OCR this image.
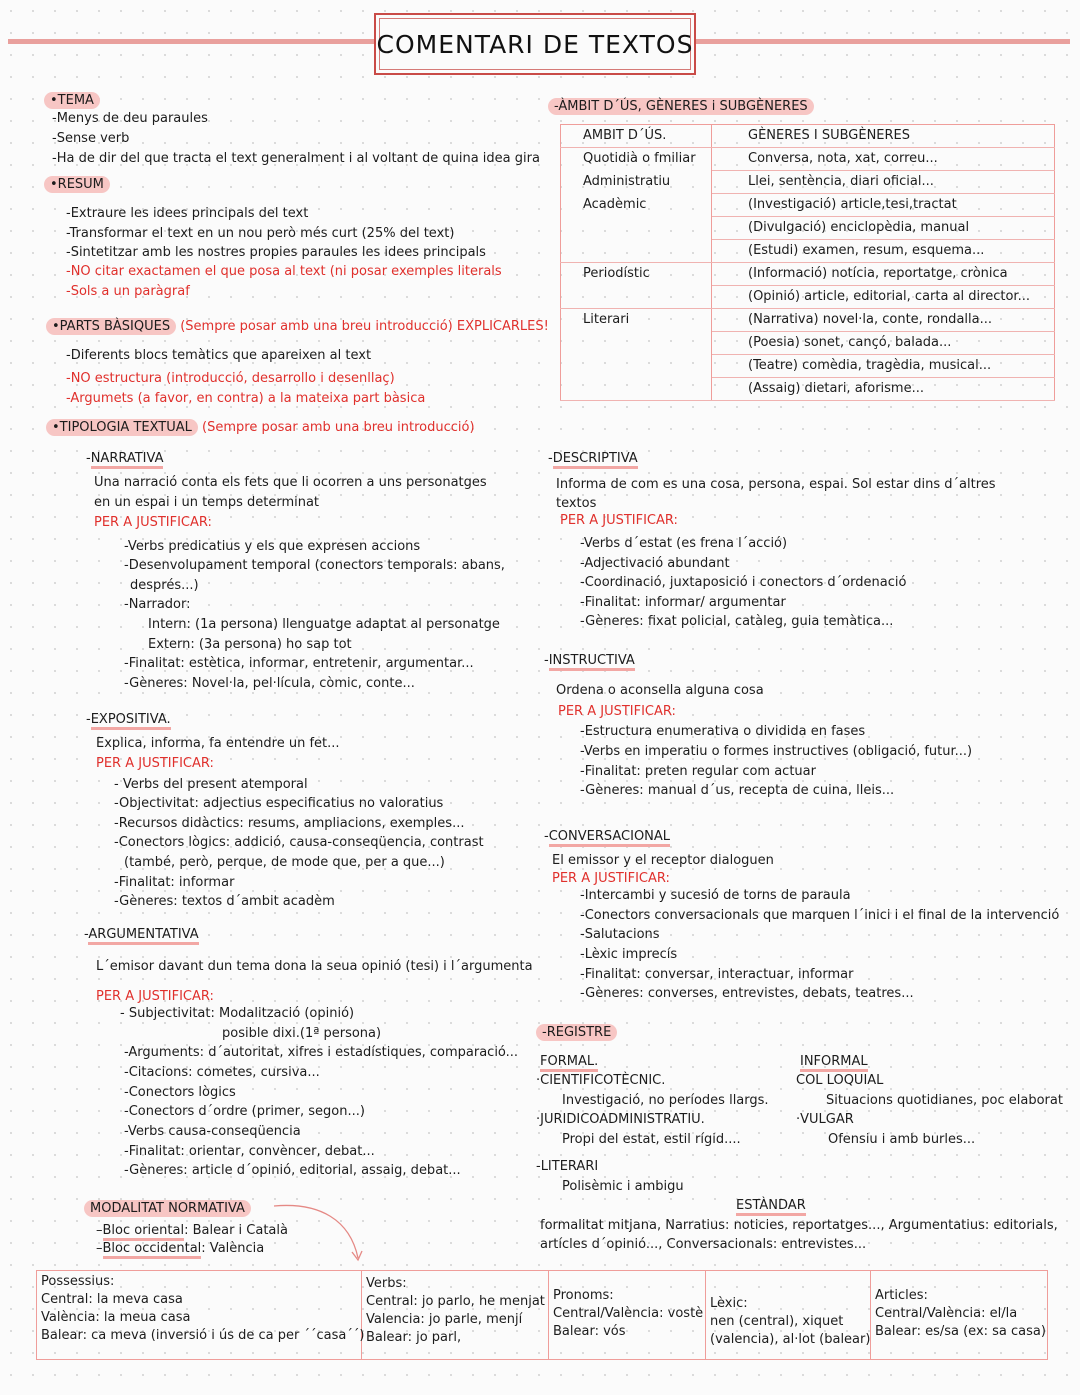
COMENTARI DE TEXTOS
•TEMA
-Menys de deu paraules
-Sense verb
-Ha de dir del que tracta el text generalment i al voltant de quina idea gira
•RESUM
-Extraure les idees principals del text
-Transformar el text en un nou però més curt (25% del text)
-Sintetitzar amb les nostres propies paraules les idees principals
-NO citar exactamen el que posa al text (ni posar exemples literals
-Sols a un paràgraf
•PARTS BÀSIQUES (Sempre posar amb una breu introducció) EXPLICARLES!
-Diferents blocs temàtics que apareixen al text
-NO estructura (introducció, desarrollo i desenllaç)
-Argumets (a favor, en contra) a la mateixa part bàsica
•TIPOLOGIA TEXTUAL (Sempre posar amb una breu introducció)
-NARRATIVA
Una narració conta els fets que li ocorren a uns personatges
en un espai i un temps determinat
PER A JUSTIFICAR:
-Verbs predicatius y els que expresen accions
-Desenvolupament temporal (conectors temporals: abans,
després...)
-Narrador:
Intern: (1a persona) llenguatge adaptat al personatge
Extern: (3a persona) ho sap tot
-Finalitat: estètica, informar, entretenir, argumentar...
-Gèneres: Novel·la, pel·lícula, còmic, conte...
-EXPOSITIVA.
Explica, informa, fa entendre un fet...
PER A JUSTIFICAR:
- Verbs del present atemporal
-Objectivitat: adjectius especificatius no valoratius
-Recursos didàctics: resums, ampliacions, exemples...
-Conectors lògics: addició, causa-conseqüencia, contrast
(també, però, perque, de mode que, per a que...)
-Finalitat: informar
-Gèneres: textos d´ambit acadèm
-ARGUMENTATIVA
L´emisor davant dun tema dona la seua opinió (tesi) i l´argumenta
PER A JUSTIFICAR:
- Subjectivitat: Modalització (opinió)
posible dixi.(1ª persona)
-Arguments: d´autoritat, xifres i estadístiques, comparació...
-Citacions: cometes, cursiva...
-Conectors lògics
-Conectors d´ordre (primer, segon...)
-Verbs causa-conseqüencia
-Finalitat: orientar, convèncer, debat...
-Gèneres: article d´opinió, editorial, assaig, debat...
MODALITAT NORMATIVA
–Bloc oriental: Balear i Català
–Bloc occidental: València
-ÀMBIT D´ÚS, GÈNERES i SUBGÈNERES
AMBIT D´ÚS.	GÈNERES I SUBGÈNERES
Quotidià o fmiliar	Conversa, nota, xat, correu...
Administratiu	Llei, sentència, diari oficial...
Acadèmic	(Investigació) article,tesi,tractat
	(Divulgació) enciclopèdia, manual
	(Estudi) examen, resum, esquema...
Periodístic	(Informació) notícia, reportatge, crònica
	(Opinió) article, editorial, carta al director...
Literari	(Narrativa) novel·la, conte, rondalla...
	(Poesia) sonet, cançó, balada...
	(Teatre) comèdia, tragèdia, musical...
	(Assaig) dietari, aforisme...
-DESCRIPTIVA
Informa de com es una cosa, persona, espai. Sol estar dins d´altres
textos
PER A JUSTIFICAR:
-Verbs d´estat (es frena l´acció)
-Adjectivació abundant
-Coordinació, juxtaposició i conectors d´ordenació
-Finalitat: informar/ argumentar
-Gèneres: fixat policial, catàleg, guia temàtica...
-INSTRUCTIVA
Ordena o aconsella alguna cosa
PER A JUSTIFICAR:
-Estructura enumerativa o dividida en fases
-Verbs en imperatiu o formes instructives (obligació, futur...)
-Finalitat: preten regular com actuar
-Gèneres: manual d´us, recepta de cuina, lleis...
-CONVERSACIONAL
El emissor y el receptor dialoguen
PER A JUSTIFICAR:
-Intercambi y sucesió de torns de paraula
-Conectors conversacionals que marquen l´inici i el final de la intervenció
-Salutacions
-Lèxic imprecís
-Finalitat: conversar, interactuar, informar
-Gèneres: converses, entrevistes, debats, teatres...
-REGISTRE
FORMAL.
·CIENTIFICOTÈCNIC.
Investigació, no períodes llargs.
·JURIDICOADMINISTRATIU.
Propi del estat, estil rígid....
-LITERARI
Polisèmic i ambigu
INFORMAL
COL LOQUIAL
Situacions quotidianes, poc elaborat
·VULGAR
Ofensiu i amb burles...
ESTÀNDAR
formalitat mitjana, Narratius: noticies, reportatges..., Argumentatius: editorials,
artícles d´opinió..., Conversacionals: entrevistes...
Possessius:
Central: la meva casa
València: la meua casa
Balear: ca meva (inversió i ús de ca per ´´casa´´)
Verbs:
Central: jo parlo, he menjat
Valencia: jo parle, menjí
Balear: jo parl,
Pronoms:
Central/València: vostè
Balear: vós
Lèxic:
nen (central), xiquet
(valencia), al·lot (balear)
Articles:
Central/València: el/la
Balear: es/sa (ex: sa casa)
